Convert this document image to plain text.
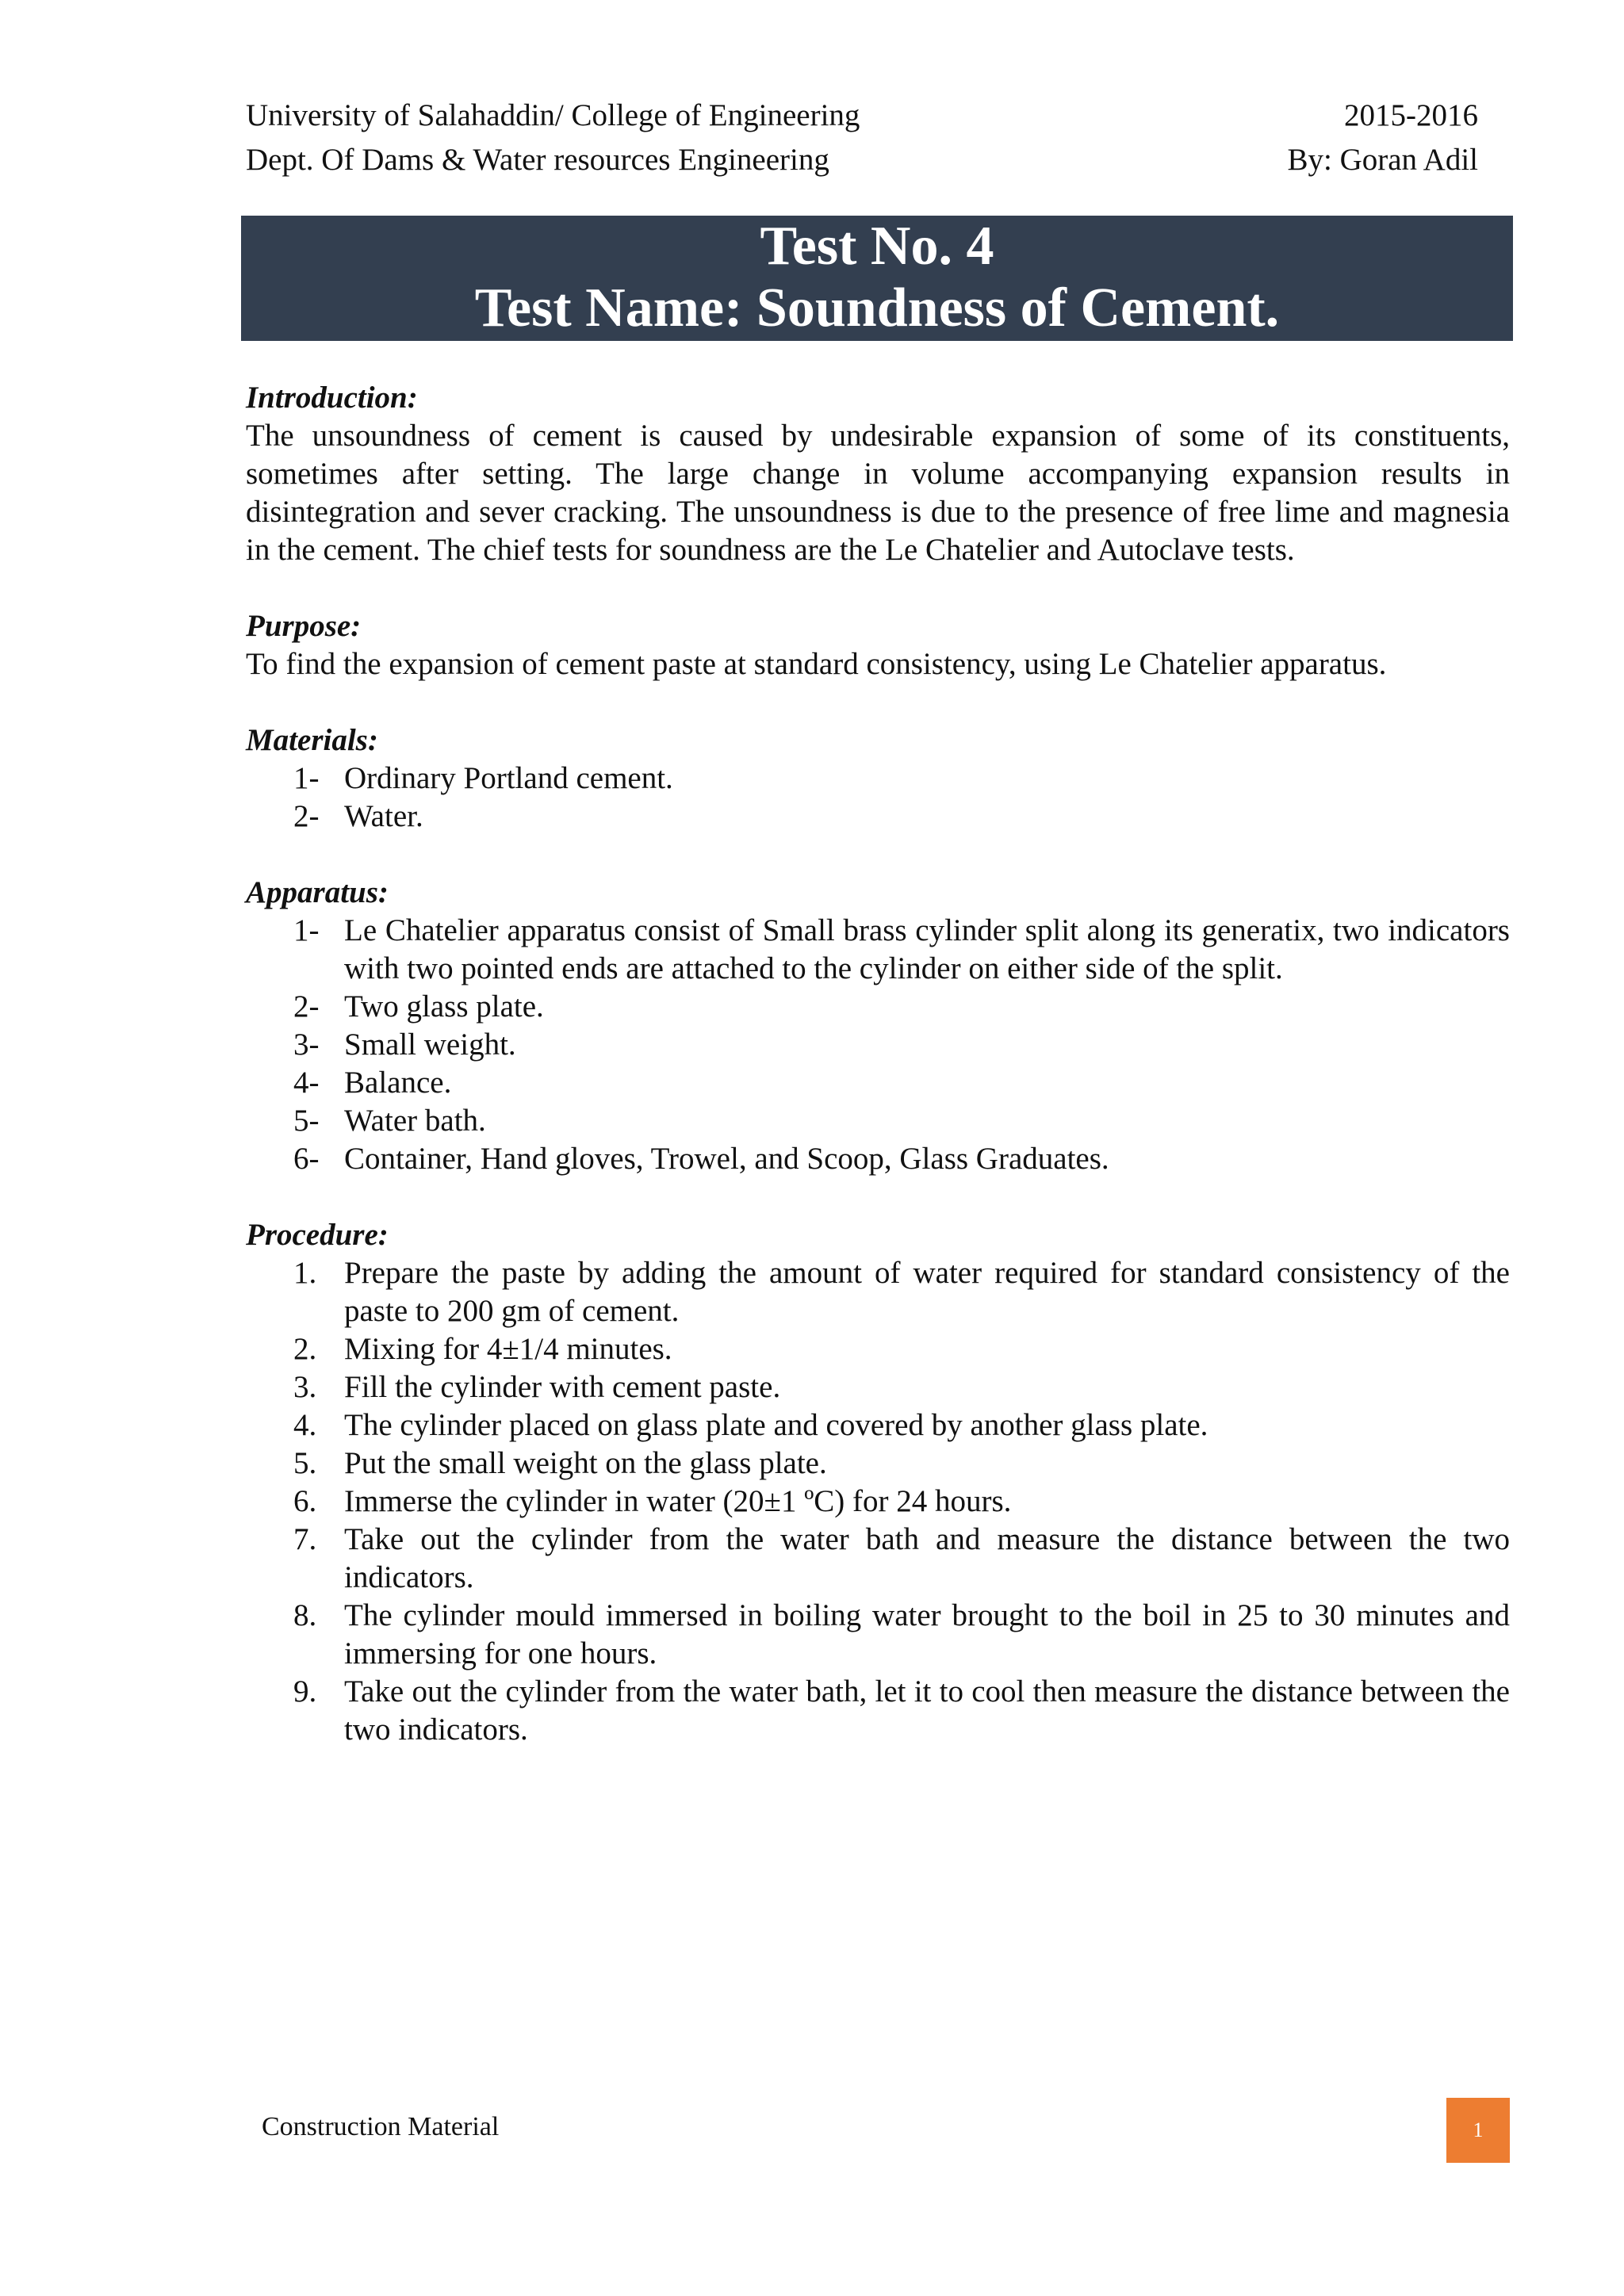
University of Salahaddin/ College of Engineering	2015-2016
Dept. Of Dams & Water resources Engineering	By: Goran Adil
Test No. 4
Test Name: Soundness of Cement.

Introduction:

The unsoundness of cement is caused by undesirable expansion of some of its constituents, sometimes after setting. The large change in volume accompanying expansion results in disintegration and sever cracking. The unsoundness is due to the presence of free lime and magnesia in the cement. The chief tests for soundness are the Le Chatelier and Autoclave tests.

Purpose:

To find the expansion of cement paste at standard consistency, using Le Chatelier apparatus.

Materials:

1- Ordinary Portland cement.
2- Water.

Apparatus:

1- Le Chatelier apparatus consist of Small brass cylinder split along its generatix, two indicators with two pointed ends are attached to the cylinder on either side of the split.
2- Two glass plate.
3- Small weight.
4- Balance.
5- Water bath.
6- Container, Hand gloves, Trowel, and Scoop, Glass Graduates.

Procedure:

1. Prepare the paste by adding the amount of water required for standard consistency of the paste to 200 gm of cement.
2. Mixing for 4±1/4 minutes.
3. Fill the cylinder with cement paste.
4. The cylinder placed on glass plate and covered by another glass plate.
5. Put the small weight on the glass plate.
6. Immerse the cylinder in water (20±1 ºC) for 24 hours.
7. Take out the cylinder from the water bath and measure the distance between the two indicators.
8. The cylinder mould immersed in boiling water brought to the boil in 25 to 30 minutes and immersing for one hours.
9. Take out the cylinder from the water bath, let it to cool then measure the distance between the two indicators.
Construction Material	1
